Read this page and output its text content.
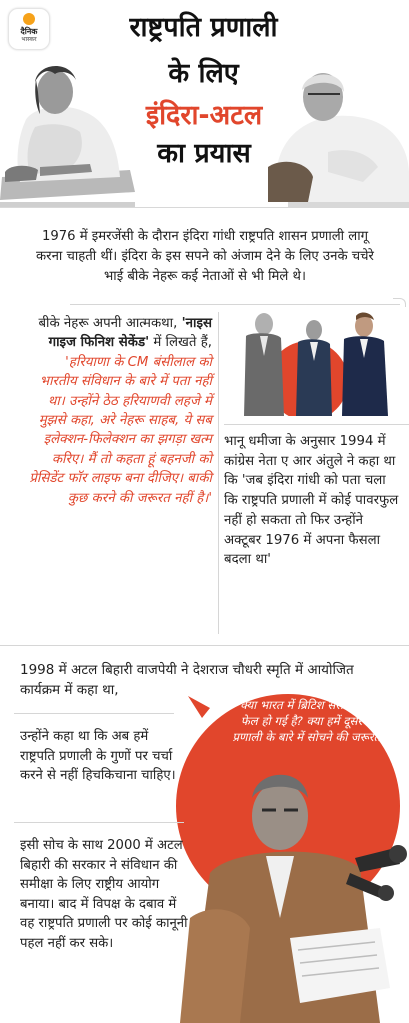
दैनिक
भास्कर	राष्ट्रपति प्रणाली
के लिए
इंदिरा-अटल
का प्रयास
1976 में इमरजेंसी के दौरान इंदिरा गांधी राष्ट्रपति शासन प्रणाली लागू करना चाहती थीं। इंदिरा के इस सपने को अंजाम देने के लिए उनके चचेरे भाई बीके नेहरू कई नेताओं से भी मिले थे।
बीके नेहरू अपनी आत्मकथा, 'नाइस गाइज फिनिश सेकेंड' में लिखते हैं, 'हरियाणा के CM बंसीलाल को भारतीय संविधान के बारे में पता नहीं था। उन्होंने ठेठ हरियाणवी लहजे में मुझसे कहा, अरे नेहरू साहब, ये सब इलेक्शन-फिलेक्शन का झगड़ा खत्म करिए। मैं तो कहता हूं बहनजी को प्रेसिडेंट फॉर लाइफ बना दीजिए। बाकी कुछ करने की जरूरत नहीं है।'
भानू धमीजा के अनुसार 1994 में कांग्रेस नेता ए आर अंतुले ने कहा था कि 'जब इंदिरा गांधी को पता चला कि राष्ट्रपति प्रणाली में कोई पावरफुल नहीं हो सकता तो फिर उन्होंने अक्टूबर 1976 में अपना फैसला बदला था'
1998 में अटल बिहारी वाजपेयी ने देशराज चौधरी स्मृति में आयोजित कार्यक्रम में कहा था,
'क्या भारत में ब्रिटिश संसदीय व्यवस्था फेल हो गई है? क्या हमें दूसरे शासन प्रणाली के बारे में सोचने की जरूरत है?'
उन्होंने कहा था कि अब हमें राष्ट्रपति प्रणाली के गुणों पर चर्चा करने से नहीं हिचकिचाना चाहिए।
इसी सोच के साथ 2000 में अटल बिहारी की सरकार ने संविधान की समीक्षा के लिए राष्ट्रीय आयोग बनाया। बाद में विपक्ष के दबाव में वह राष्ट्रपति प्रणाली पर कोई कानूनी पहल नहीं कर सके।
